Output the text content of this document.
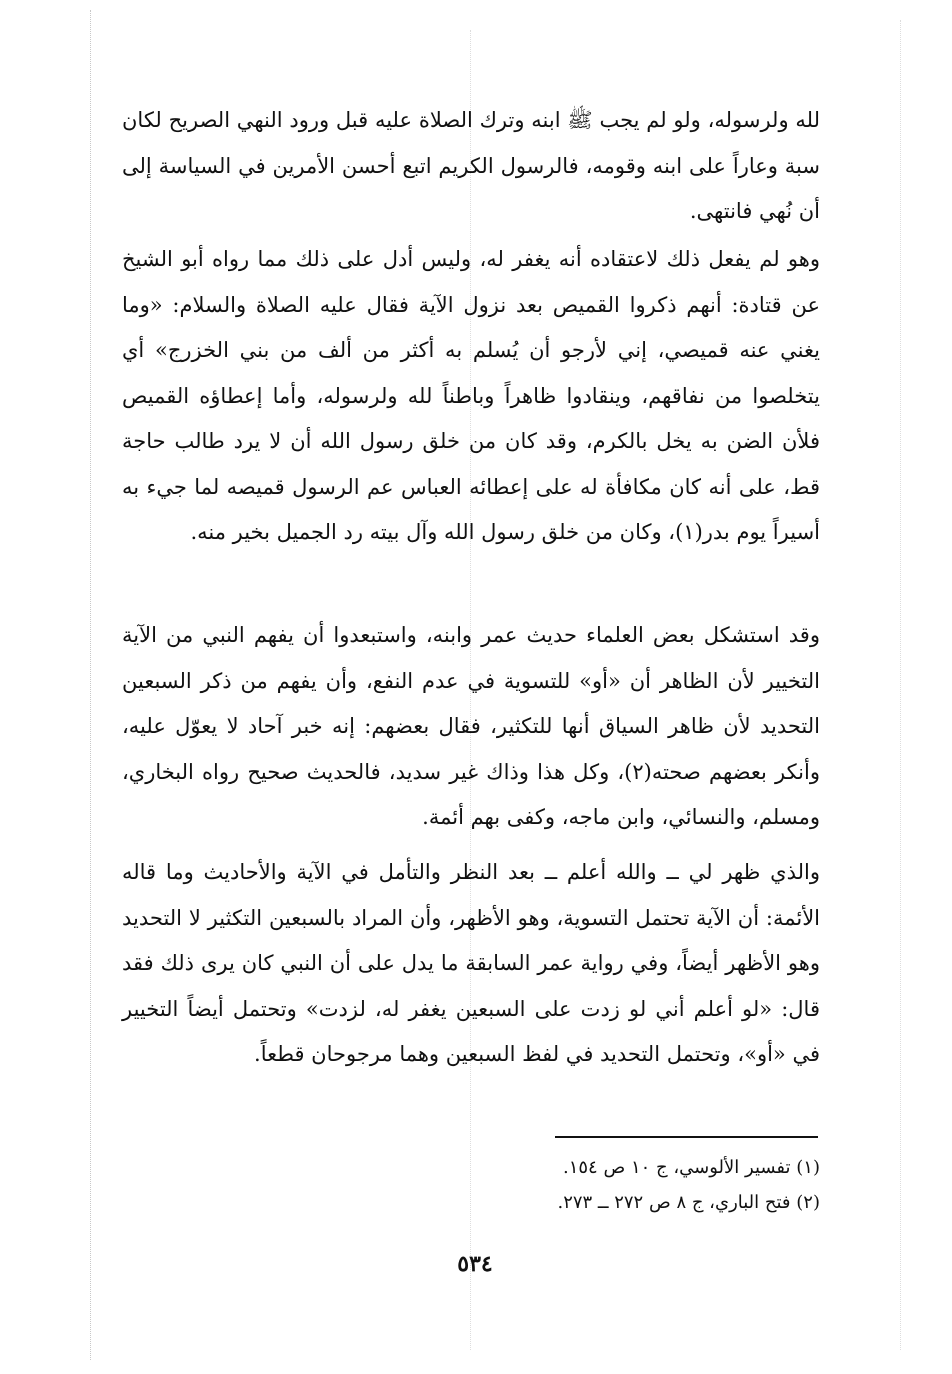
لله ولرسوله، ولو لم يجب ﷺ ابنه وترك الصلاة عليه قبل ورود النهي الصريح لكان سبة وعاراً على ابنه وقومه، فالرسول الكريم اتبع أحسن الأمرين في السياسة إلى أن نُهي فانتهى.

وهو لم يفعل ذلك لاعتقاده أنه يغفر له، وليس أدل على ذلك مما رواه أبو الشيخ عن قتادة: أنهم ذكروا القميص بعد نزول الآية فقال عليه الصلاة والسلام: «وما يغني عنه قميصي، إني لأرجو أن يُسلم به أكثر من ألف من بني الخزرج» أي يتخلصوا من نفاقهم، وينقادوا ظاهراً وباطناً لله ولرسوله، وأما إعطاؤه القميص فلأن الضن به يخل بالكرم، وقد كان من خلق رسول الله أن لا يرد طالب حاجة قط، على أنه كان مكافأة له على إعطائه العباس عم الرسول قميصه لما جيء به أسيراً يوم بدر(١)، وكان من خلق رسول الله وآل بيته رد الجميل بخير منه.

وقد استشكل بعض العلماء حديث عمر وابنه، واستبعدوا أن يفهم النبي من الآية التخيير لأن الظاهر أن «أو» للتسوية في عدم النفع، وأن يفهم من ذكر السبعين التحديد لأن ظاهر السياق أنها للتكثير، فقال بعضهم: إنه خبر آحاد لا يعوّل عليه، وأنكر بعضهم صحته(٢)، وكل هذا وذاك غير سديد، فالحديث صحيح رواه البخاري، ومسلم، والنسائي، وابن ماجه، وكفى بهم أئمة.

والذي ظهر لي ــ والله أعلم ــ بعد النظر والتأمل في الآية والأحاديث وما قاله الأئمة: أن الآية تحتمل التسوية، وهو الأظهر، وأن المراد بالسبعين التكثير لا التحديد وهو الأظهر أيضاً، وفي رواية عمر السابقة ما يدل على أن النبي كان يرى ذلك فقد قال: «لو أعلم أني لو زدت على السبعين يغفر له، لزدت» وتحتمل أيضاً التخيير في «أو»، وتحتمل التحديد في لفظ السبعين وهما مرجوحان قطعاً.

(١) تفسير الألوسي، ج ١٠ ص ١٥٤.
(٢) فتح الباري، ج ٨ ص ٢٧٢ ــ ٢٧٣.
٥٣٤
